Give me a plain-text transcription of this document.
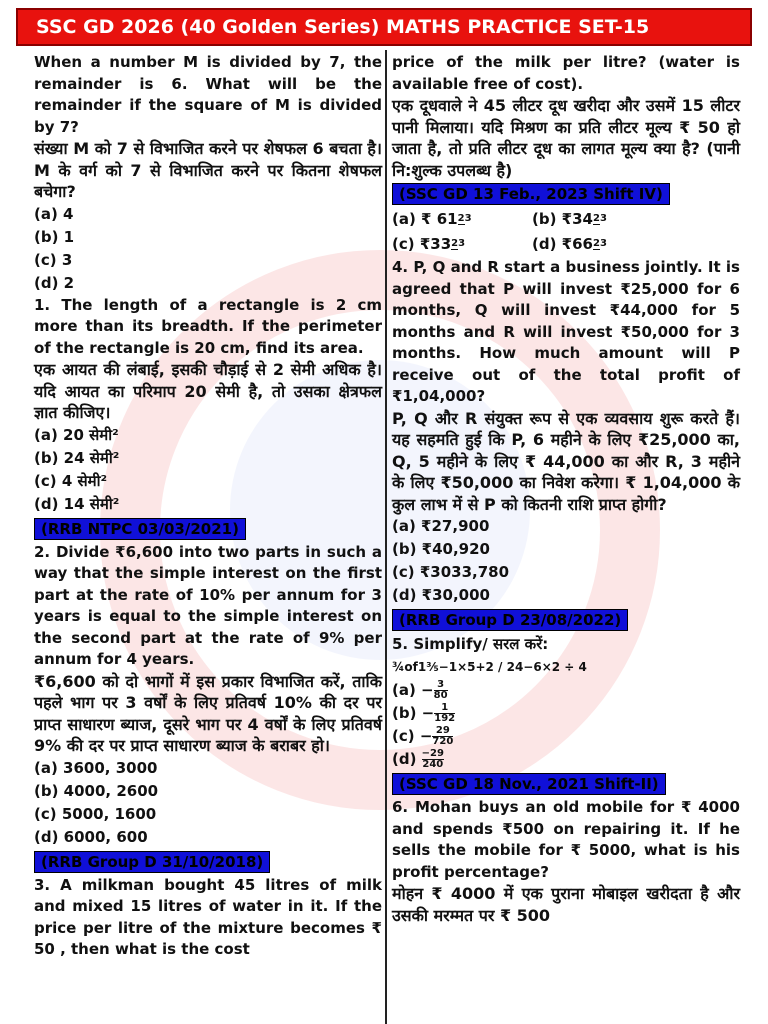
SSC GD 2026 (40 Golden Series) MATHS PRACTICE SET-15

When a number M is divided by 7, the remainder is 6. What will be the remainder if the square of M is divided by 7?

संख्या M को 7 से विभाजित करने पर शेषफल 6 बचता है। M के वर्ग को 7 से विभाजित करने पर कितना शेषफल बचेगा?

(a) 4

(b) 1

(c) 3

(d) 2

1. The length of a rectangle is 2 cm more than its breadth. If the perimeter of the rectangle is 20 cm, find its area.

एक आयत की लंबाई, इसकी चौड़ाई से 2 सेमी अधिक है। यदि आयत का परिमाप 20 सेमी है, तो उसका क्षेत्रफल ज्ञात कीजिए।

(a) 20 सेमी²

(b) 24 सेमी²

(c) 4 सेमी²

(d) 14 सेमी²

(RRB NTPC 03/03/2021)

2. Divide ₹6,600 into two parts in such a way that the simple interest on the first part at the rate of 10% per annum for 3 years is equal to the simple interest on the second part at the rate of 9% per annum for 4 years.

₹6,600 को दो भागों में इस प्रकार विभाजित करें, ताकि पहले भाग पर 3 वर्षों के लिए प्रतिवर्ष 10% की दर पर प्राप्त साधारण ब्याज, दूसरे भाग पर 4 वर्षों के लिए प्रतिवर्ष 9% की दर पर प्राप्त साधारण ब्याज के बराबर हो।

(a) 3600, 3000

(b) 4000, 2600

(c) 5000, 1600

(d) 6000, 600

(RRB Group D 31/10/2018)

3. A milkman bought 45 litres of milk and mixed 15 litres of water in it. If the price per litre of the mixture becomes ₹ 50 , then what is the cost

price of the milk per litre? (water is available free of cost).

एक दूधवाले ने 45 लीटर दूध खरीदा और उसमें 15 लीटर पानी मिलाया। यदि मिश्रण का प्रति लीटर मूल्य ₹ 50 हो जाता है, तो प्रति लीटर दूध का लागत मूल्य क्या है? (पानी नि:शुल्क उपलब्ध है)

(SSC GD 13 Feb., 2023 Shift IV)
(a) ₹ 6123	(b) ₹3423
(c) ₹3323	(d) ₹6623

4. P, Q and R start a business jointly. It is agreed that P will invest ₹25,000 for 6 months, Q will invest ₹44,000 for 5 months and R will invest ₹50,000 for 3 months. How much amount will P receive out of the total profit of ₹1,04,000?

P, Q और R संयुक्त रूप से एक व्यवसाय शुरू करते हैं। यह सहमति हुई कि P, 6 महीने के लिए ₹25,000 का, Q, 5 महीने के लिए ₹ 44,000 का और R, 3 महीने के लिए ₹50,000 का निवेश करेगा। ₹ 1,04,000 के कुल लाभ में से P को कितनी राशि प्राप्त होगी?

(a) ₹27,900

(b) ₹40,920

(c) ₹3033,780

(d) ₹30,000

(RRB Group D 23/08/2022)

5. Simplify/ सरल करें:

¾of1⅗−1×5+2 / 24−6×2 ÷ 4

$(a) - \frac{3}{80}$

$(b) - \frac{1}{192}$

$(c) - \frac{29}{720}$

$(d) \frac{-29}{240}$

(SSC GD 18 Nov., 2021 Shift-II)

6. Mohan buys an old mobile for ₹ 4000 and spends ₹500 on repairing it. If he sells the mobile for ₹ 5000, what is his profit percentage?

मोहन ₹ 4000 में एक पुराना मोबाइल खरीदता है और उसकी मरम्मत पर ₹ 500
